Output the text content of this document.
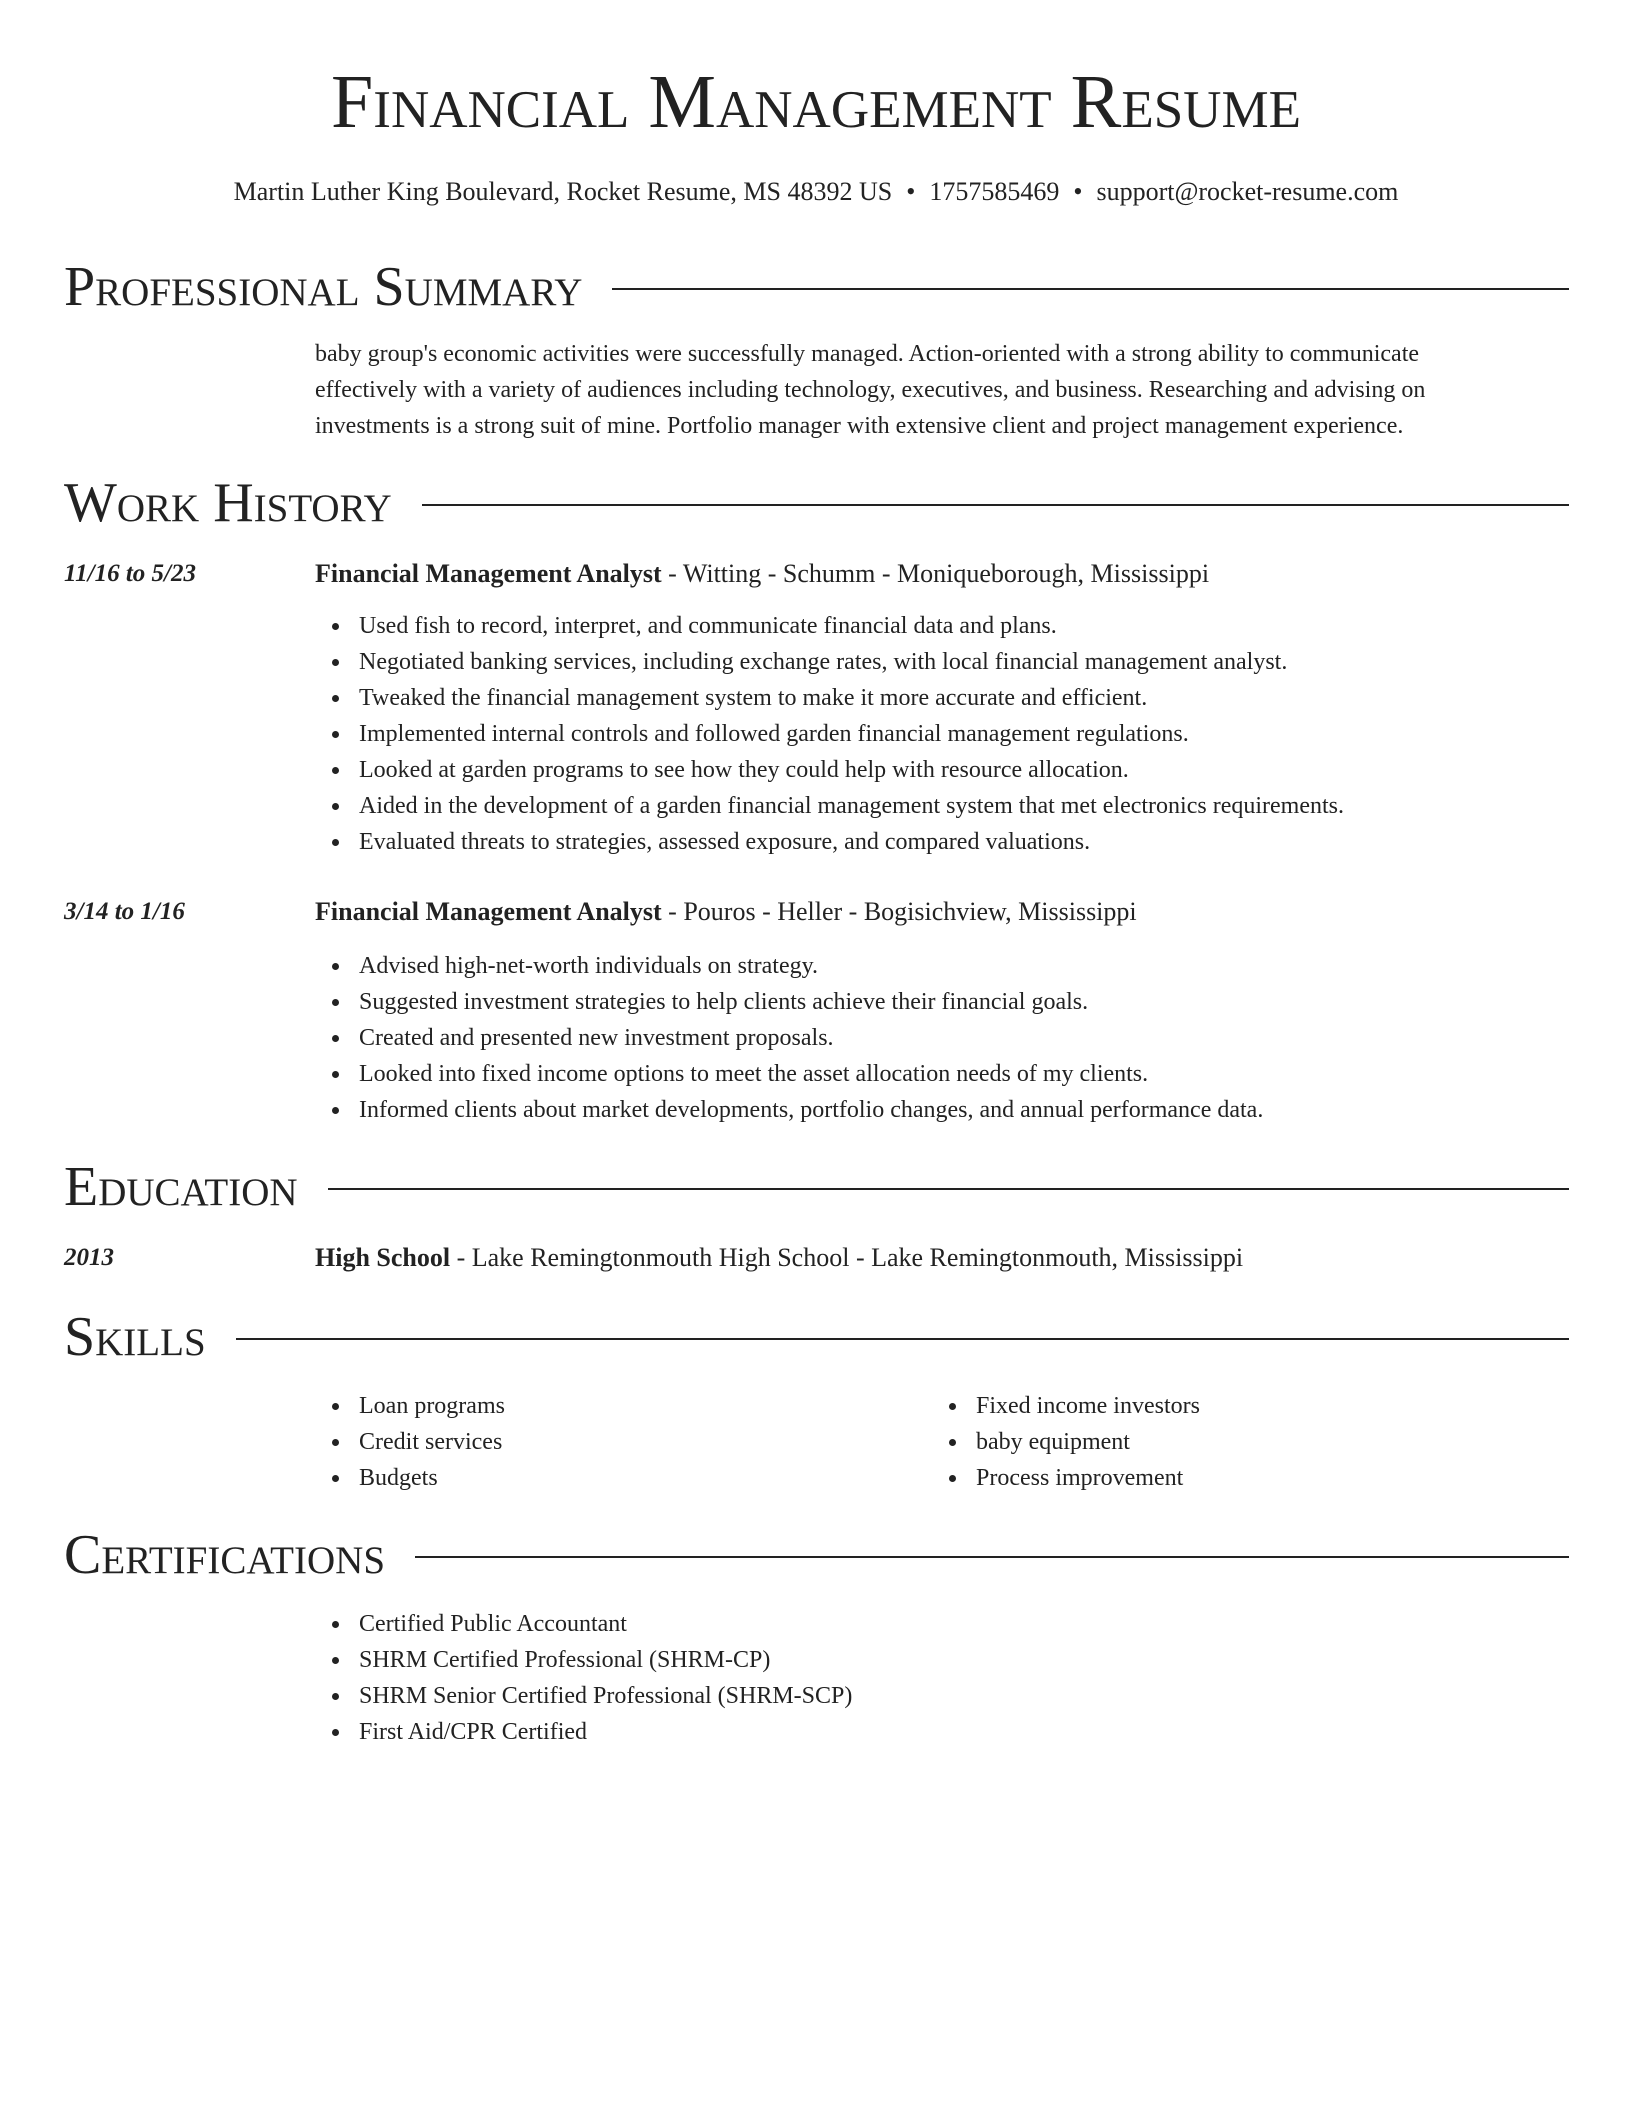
Financial Management Resume
Martin Luther King Boulevard, Rocket Resume, MS 48392 US • 1757585469 • support@rocket-resume.com
Professional Summary

baby group's economic activities were successfully managed. Action-oriented with a strong ability to communicate effectively with a variety of audiences including technology, executives, and business. Researching and advising on investments is a strong suit of mine. Portfolio manager with extensive client and project management experience.

Work History
11/16 to 5/23	Financial Management Analyst - Witting - Schumm - Moniqueborough, Mississippi
Used fish to record, interpret, and communicate financial data and plans.
Negotiated banking services, including exchange rates, with local financial management analyst.
Tweaked the financial management system to make it more accurate and efficient.
Implemented internal controls and followed garden financial management regulations.
Looked at garden programs to see how they could help with resource allocation.
Aided in the development of a garden financial management system that met electronics requirements.
Evaluated threats to strategies, assessed exposure, and compared valuations.
3/14 to 1/16	Financial Management Analyst - Pouros - Heller - Bogisichview, Mississippi
Advised high-net-worth individuals on strategy.
Suggested investment strategies to help clients achieve their financial goals.
Created and presented new investment proposals.
Looked into fixed income options to meet the asset allocation needs of my clients.
Informed clients about market developments, portfolio changes, and annual performance data.
Education
2013	High School - Lake Remingtonmouth High School - Lake Remingtonmouth, Mississippi
Skills
Loan programs
Credit services
Budgets
Fixed income investors
baby equipment
Process improvement
Certifications
Certified Public Accountant
SHRM Certified Professional (SHRM-CP)
SHRM Senior Certified Professional (SHRM-SCP)
First Aid/CPR Certified
